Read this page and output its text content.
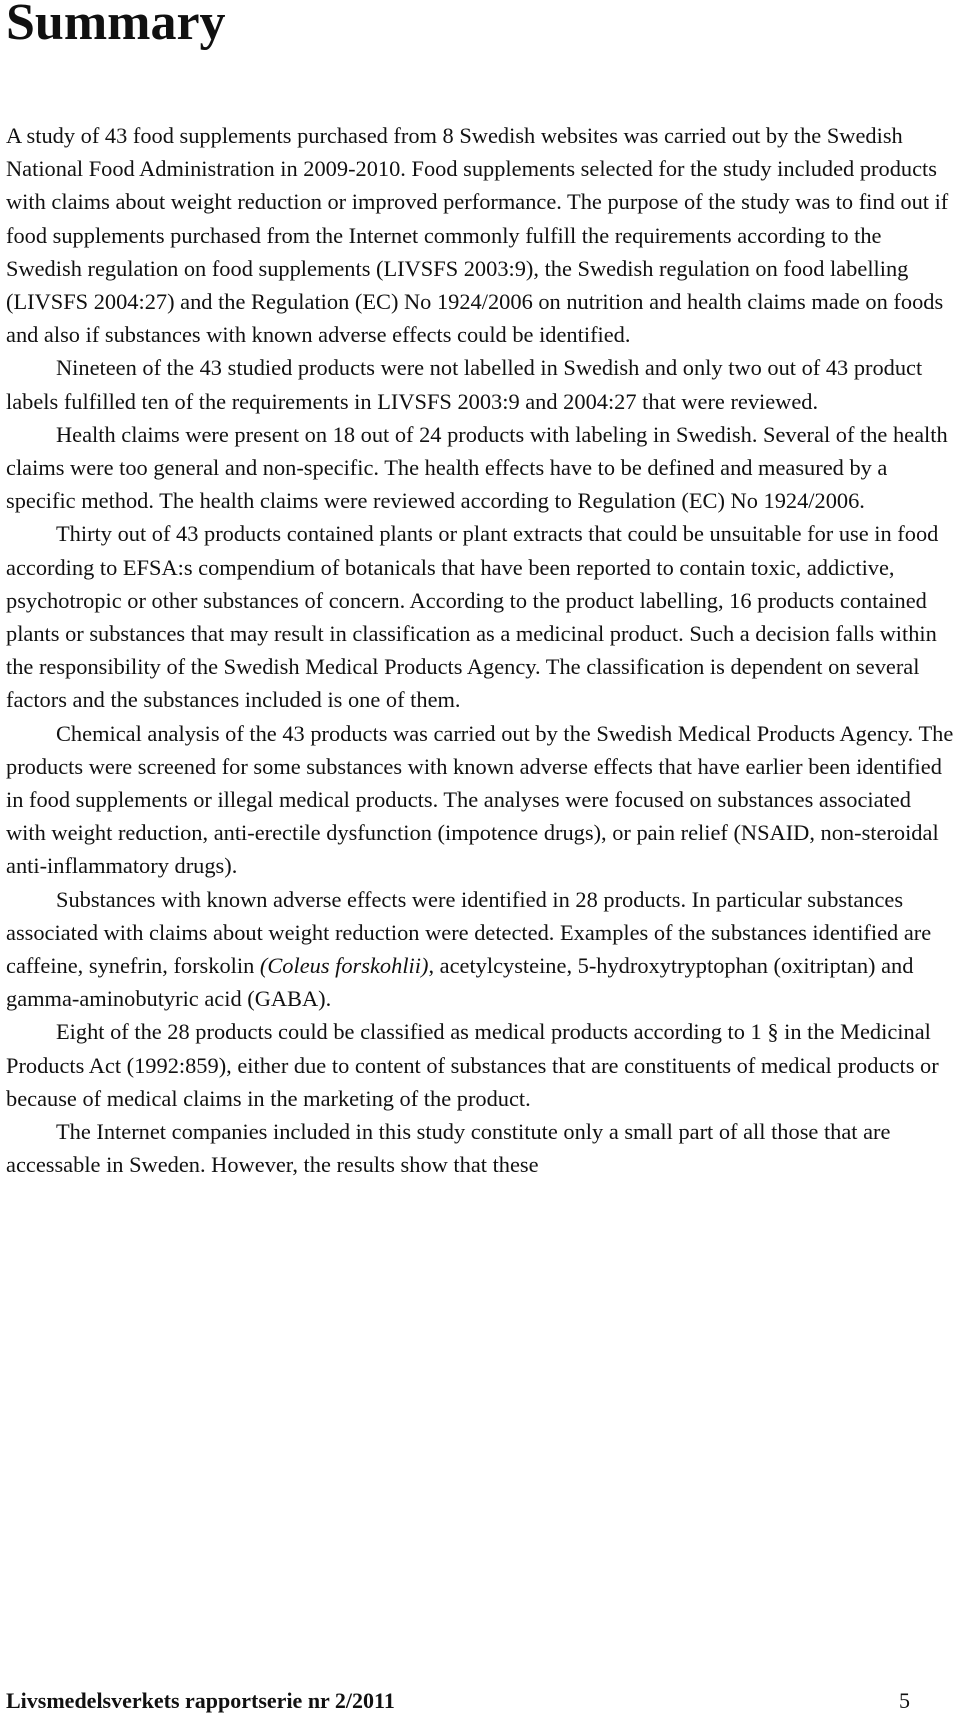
Summary

A study of 43 food supplements purchased from 8 Swedish websites was carried out by the Swedish National Food Administration in 2009-2010. Food supplements selected for the study included products with claims about weight reduction or improved performance. The purpose of the study was to find out if food supplements purchased from the Internet commonly fulfill the requirements according to the Swedish regulation on food supplements (LIVSFS 2003:9), the Swedish regulation on food labelling (LIVSFS 2004:27) and the Regulation (EC) No 1924/2006 on nutrition and health claims made on foods and also if substances with known adverse effects could be identified.

Nineteen of the 43 studied products were not labelled in Swedish and only two out of 43 product labels fulfilled ten of the requirements in LIVSFS 2003:9 and 2004:27 that were reviewed.

Health claims were present on 18 out of 24 products with labeling in Swedish. Several of the health claims were too general and non-specific. The health effects have to be defined and measured by a specific method. The health claims were reviewed according to Regulation (EC) No 1924/2006.

Thirty out of 43 products contained plants or plant extracts that could be unsuitable for use in food according to EFSA:s compendium of botanicals that have been reported to contain toxic, addictive, psychotropic or other substances of concern. According to the product labelling, 16 products contained plants or substances that may result in classification as a medicinal product. Such a decision falls within the responsibility of the Swedish Medical Products Agency. The classification is dependent on several factors and the substances included is one of them.

Chemical analysis of the 43 products was carried out by the Swedish Medical Products Agency. The products were screened for some substances with known adverse effects that have earlier been identified in food supplements or illegal medical products. The analyses were focused on substances associated with weight reduction, anti-erectile dysfunction (impotence drugs), or pain relief (NSAID, non-steroidal anti-inflammatory drugs).

Substances with known adverse effects were identified in 28 products. In particular substances associated with claims about weight reduction were detected. Examples of the substances identified are caffeine, synefrin, forskolin (Coleus forskohlii), acetylcysteine, 5-hydroxytryptophan (oxitriptan) and gamma-aminobutyric acid (GABA).

Eight of the 28 products could be classified as medical products according to 1 § in the Medicinal Products Act (1992:859), either due to content of substances that are constituents of medical products or because of medical claims in the marketing of the product.

The Internet companies included in this study constitute only a small part of all those that are accessable in Sweden. However, the results show that these

Livsmedelsverkets rapportserie nr 2/2011	5
